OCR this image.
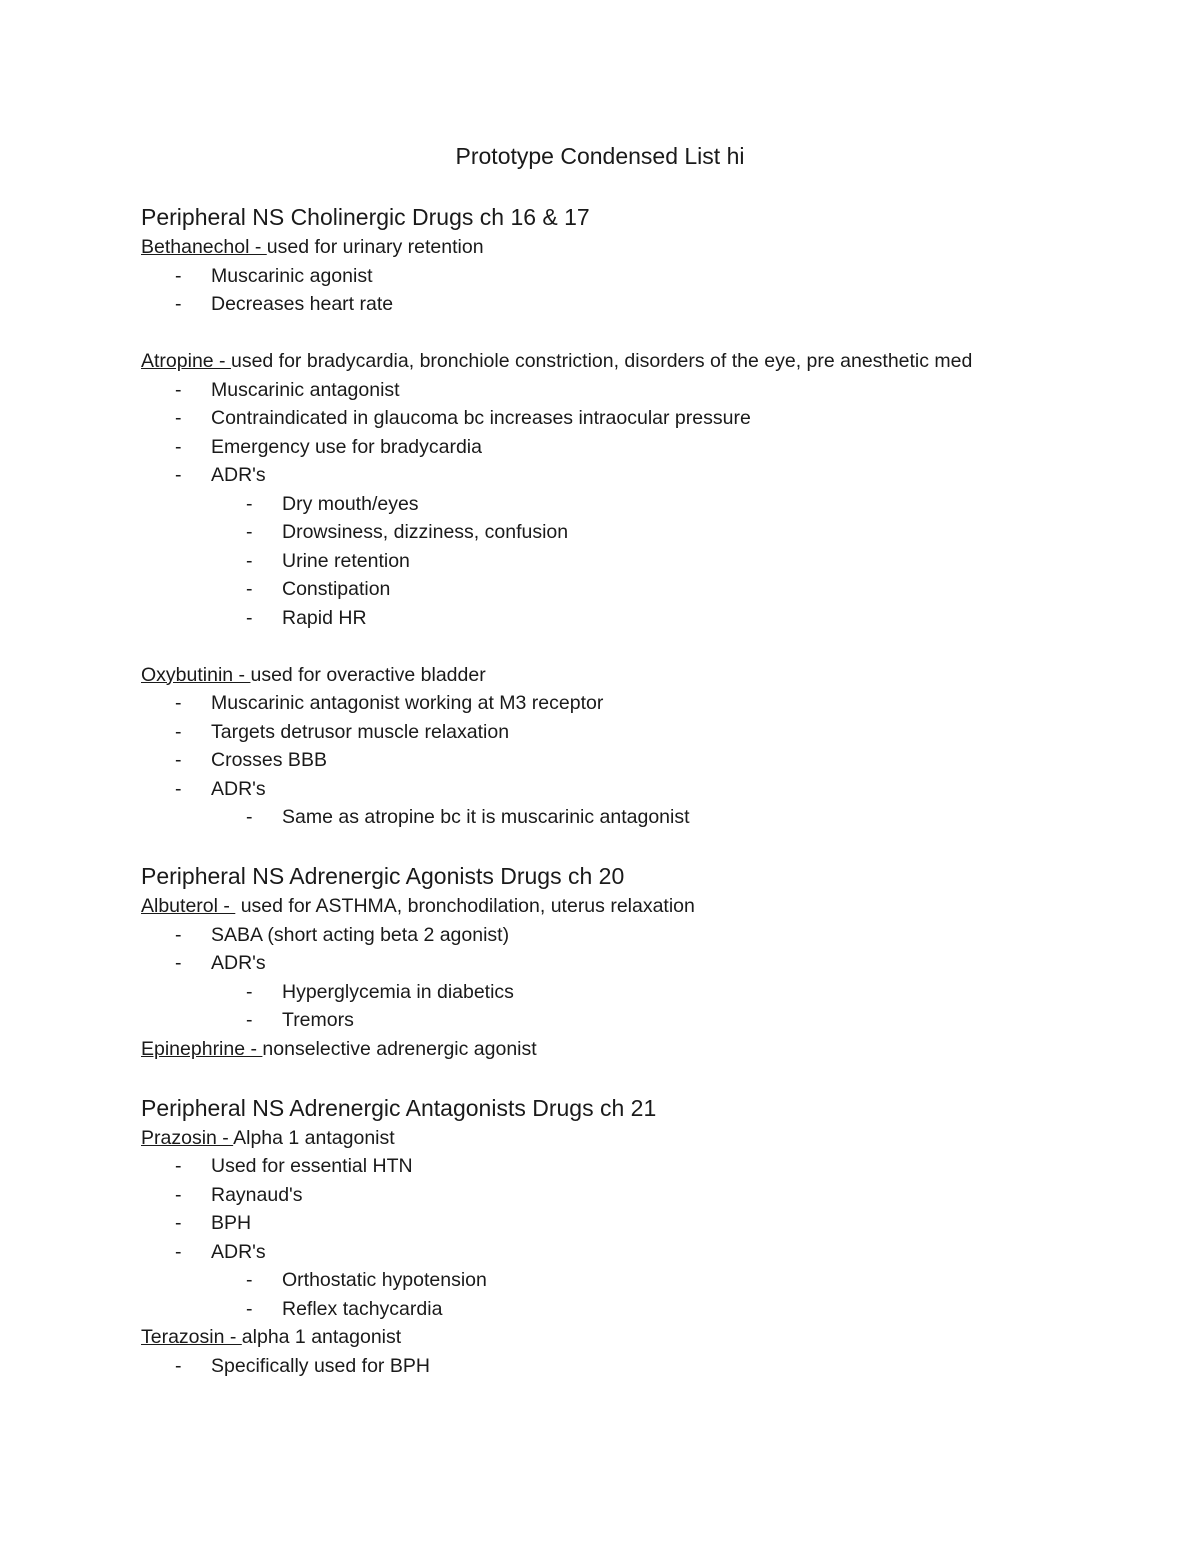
Prototype Condensed List hi
Peripheral NS Cholinergic Drugs ch 16 & 17
Bethanechol - used for urinary retention
- Muscarinic agonist
- Decreases heart rate
Atropine - used for bradycardia, bronchiole constriction, disorders of the eye, pre anesthetic med
- Muscarinic antagonist
- Contraindicated in glaucoma bc increases intraocular pressure
- Emergency use for bradycardia
- ADR's
- Dry mouth/eyes
- Drowsiness, dizziness, confusion
- Urine retention
- Constipation
- Rapid HR
Oxybutinin - used for overactive bladder
- Muscarinic antagonist working at M3 receptor
- Targets detrusor muscle relaxation
- Crosses BBB
- ADR's
- Same as atropine bc it is muscarinic antagonist
Peripheral NS Adrenergic Agonists Drugs ch 20
Albuterol -  used for ASTHMA, bronchodilation, uterus relaxation
- SABA (short acting beta 2 agonist)
- ADR's
- Hyperglycemia in diabetics
- Tremors
Epinephrine - nonselective adrenergic agonist
Peripheral NS Adrenergic Antagonists Drugs ch 21
Prazosin - Alpha 1 antagonist
- Used for essential HTN
- Raynaud's
- BPH
- ADR's
- Orthostatic hypotension
- Reflex tachycardia
Terazosin - alpha 1 antagonist
- Specifically used for BPH
